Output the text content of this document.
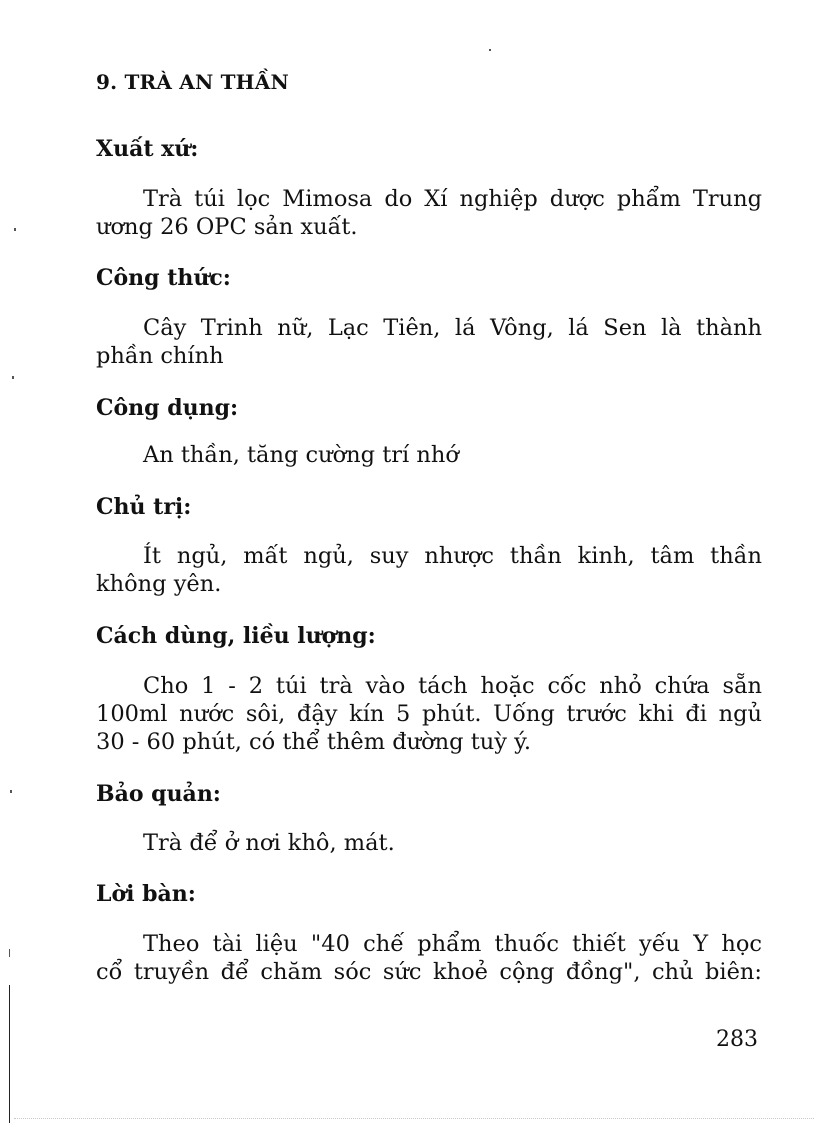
9. TRÀ AN THẦN
Xuất xứ:
Trà túi lọc Mimosa do Xí nghiệp dược phẩm Trung
ương 26 OPC sản xuất.
Công thức:
Cây Trinh nữ, Lạc Tiên, lá Vông, lá Sen là thành
phần chính
Công dụng:
An thần, tăng cường trí nhớ
Chủ trị:
Ít ngủ, mất ngủ, suy nhược thần kinh, tâm thần
không yên.
Cách dùng, liều lượng:
Cho 1 - 2 túi trà vào tách hoặc cốc nhỏ chứa sẵn
100ml nước sôi, đậy kín 5 phút. Uống trước khi đi ngủ
30 - 60 phút, có thể thêm đường tuỳ ý.
Bảo quản:
Trà để ở nơi khô, mát.
Lời bàn:
Theo tài liệu "40 chế phẩm thuốc thiết yếu Y học
cổ truyền để chăm sóc sức khoẻ cộng đồng", chủ biên:
283
